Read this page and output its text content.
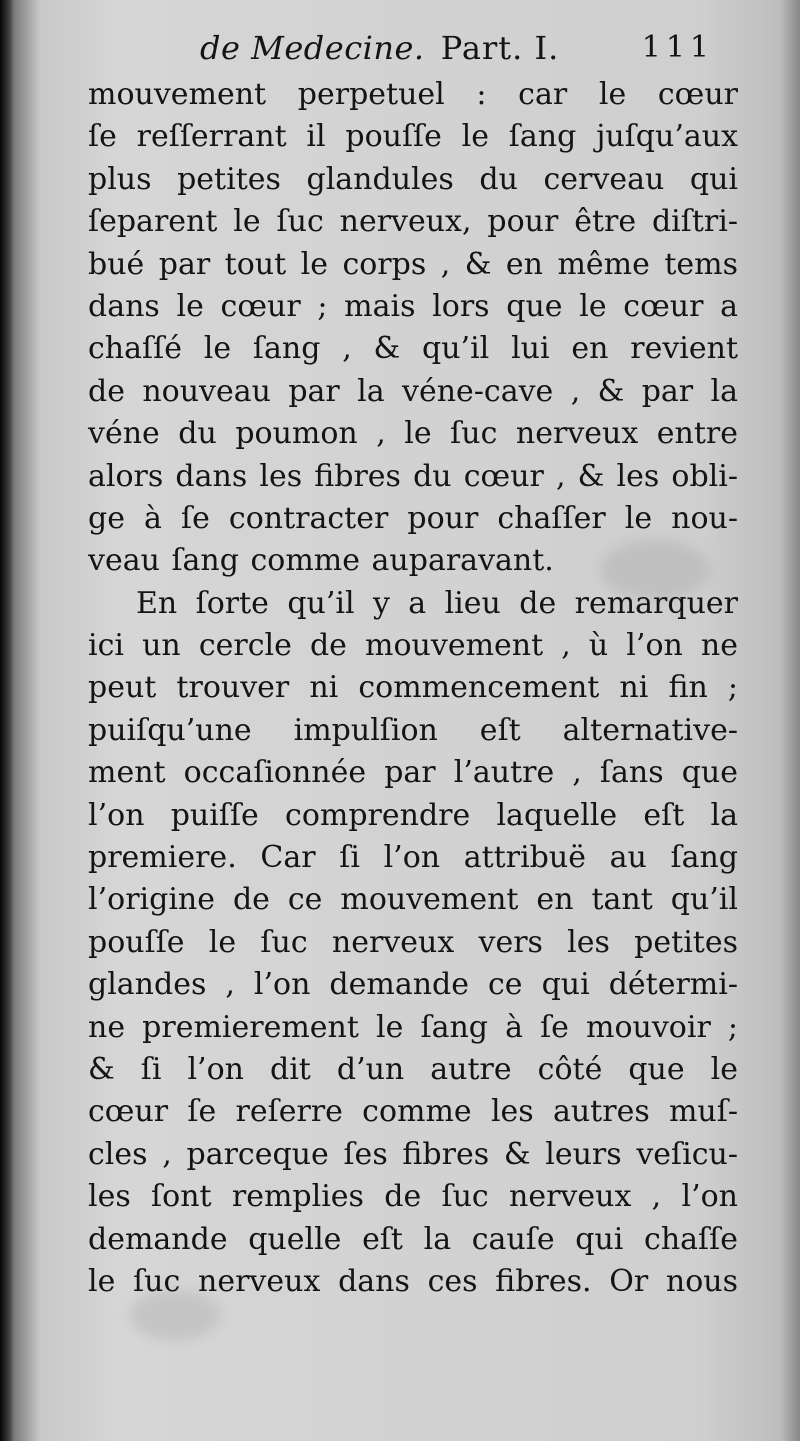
de Medecine. Part. I.	111
mouvement perpetuel : car le cœur
ſe reſſerrant il pouſſe le ſang juſqu’aux
plus petites glandules du cerveau qui
ſeparent le ſuc nerveux, pour être diſtri-
bué par tout le corps , & en même tems
dans le cœur ; mais lors que le cœur a
chaſſé le ſang , & qu’il lui en revient
de nouveau par la véne-cave , & par la
véne du poumon , le ſuc nerveux entre
alors dans les fibres du cœur , & les obli-
ge à ſe contracter pour chaſſer le nou-
veau ſang comme auparavant.
En ſorte qu’il y a lieu de remarquer
ici un cercle de mouvement , ù l’on ne
peut trouver ni commencement ni fin ;
puiſqu’une impulſion eſt alternative-
ment occaſionnée par l’autre , ſans que
l’on puiſſe comprendre laquelle eſt la
premiere. Car ſi l’on attribuë au ſang
l’origine de ce mouvement en tant qu’il
pouſſe le ſuc nerveux vers les petites
glandes , l’on demande ce qui détermi-
ne premierement le ſang à ſe mouvoir ;
& ſi l’on dit d’un autre côté que le
cœur ſe reſerre comme les autres muſ-
cles , parceque ſes fibres & leurs veſicu-
les ſont remplies de ſuc nerveux , l’on
demande quelle eſt la cauſe qui chaſſe
le ſuc nerveux dans ces fibres. Or nous
